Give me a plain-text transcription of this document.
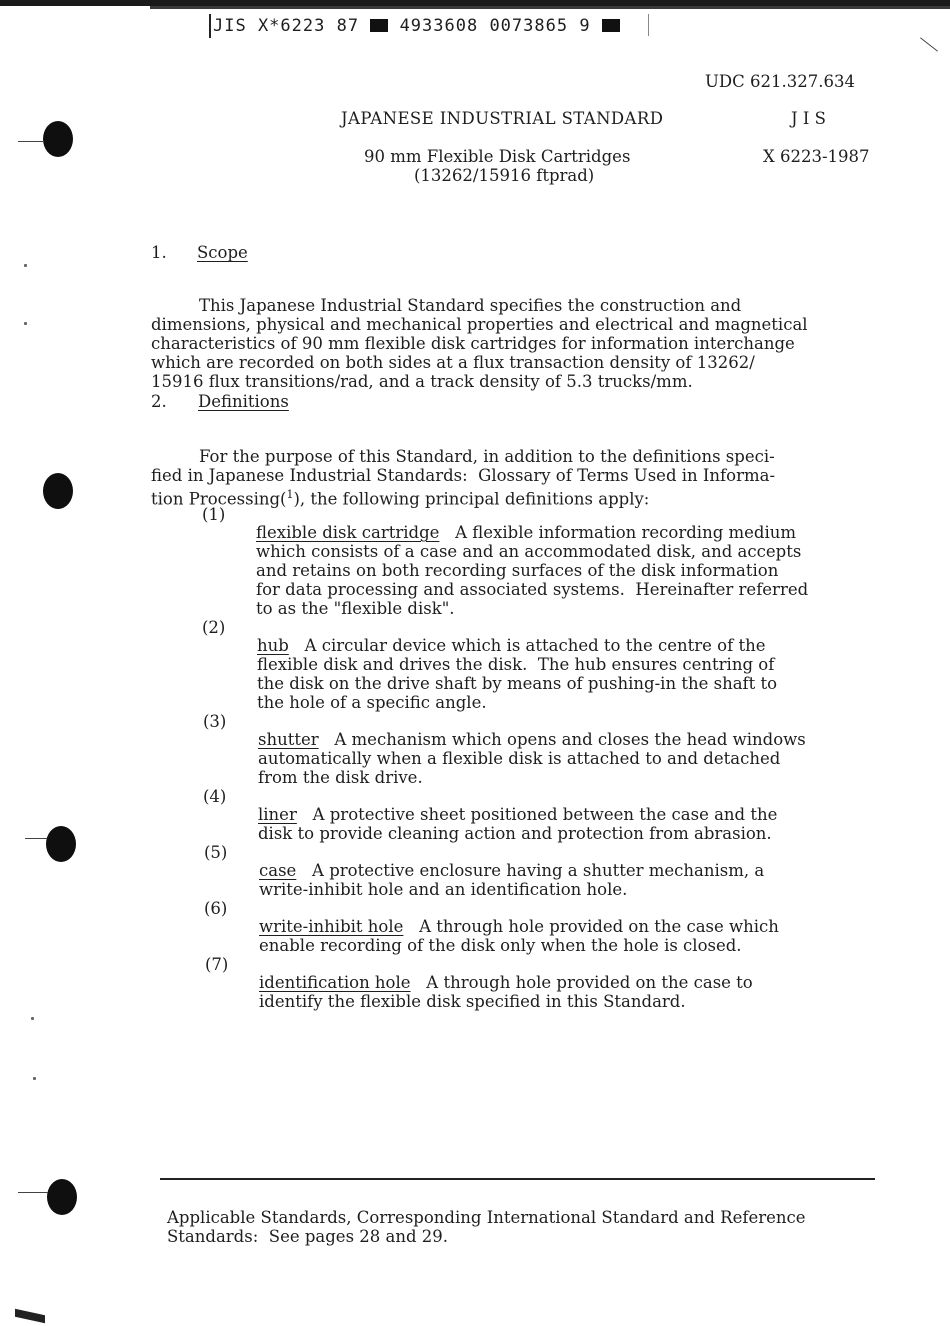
JIS X*6223 87 4933608 0073865 9
UDC 621.327.634
JAPANESE INDUSTRIAL STANDARD	J I S
90 mm Flexible Disk Cartridges
(13262/15916 ftprad)
X 6223-1987
1. Scope

This Japanese Industrial Standard specifies the construction and
dimensions, physical and mechanical properties and electrical and magnetical
characteristics of 90 mm flexible disk cartridges for information interchange
which are recorded on both sides at a flux transaction density of 13262/
15916 flux transitions/rad, and a track density of 5.3 trucks/mm.
2. Definitions

For the purpose of this Standard, in addition to the definitions speci-
fied in Japanese Industrial Standards:  Glossary of Terms Used in Informa-
tion Processing($^1$), the following principal definitions apply:
(1)

flexible disk cartridge   A flexible information recording medium
which consists of a case and an accommodated disk, and accepts
and retains on both recording surfaces of the disk information
for data processing and associated systems.  Hereinafter referred
to as the "flexible disk".
(2)

hub   A circular device which is attached to the centre of the
flexible disk and drives the disk.  The hub ensures centring of
the disk on the drive shaft by means of pushing-in the shaft to
the hole of a specific angle.
(3)

shutter   A mechanism which opens and closes the head windows
automatically when a flexible disk is attached to and detached
from the disk drive.
(4)

liner   A protective sheet positioned between the case and the
disk to provide cleaning action and protection from abrasion.
(5)

case   A protective enclosure having a shutter mechanism, a
write-inhibit hole and an identification hole.
(6)

write-inhibit hole   A through hole provided on the case which
enable recording of the disk only when the hole is closed.
(7)

identification hole   A through hole provided on the case to
identify the flexible disk specified in this Standard.

Applicable Standards, Corresponding International Standard and Reference
Standards:  See pages 28 and 29.
